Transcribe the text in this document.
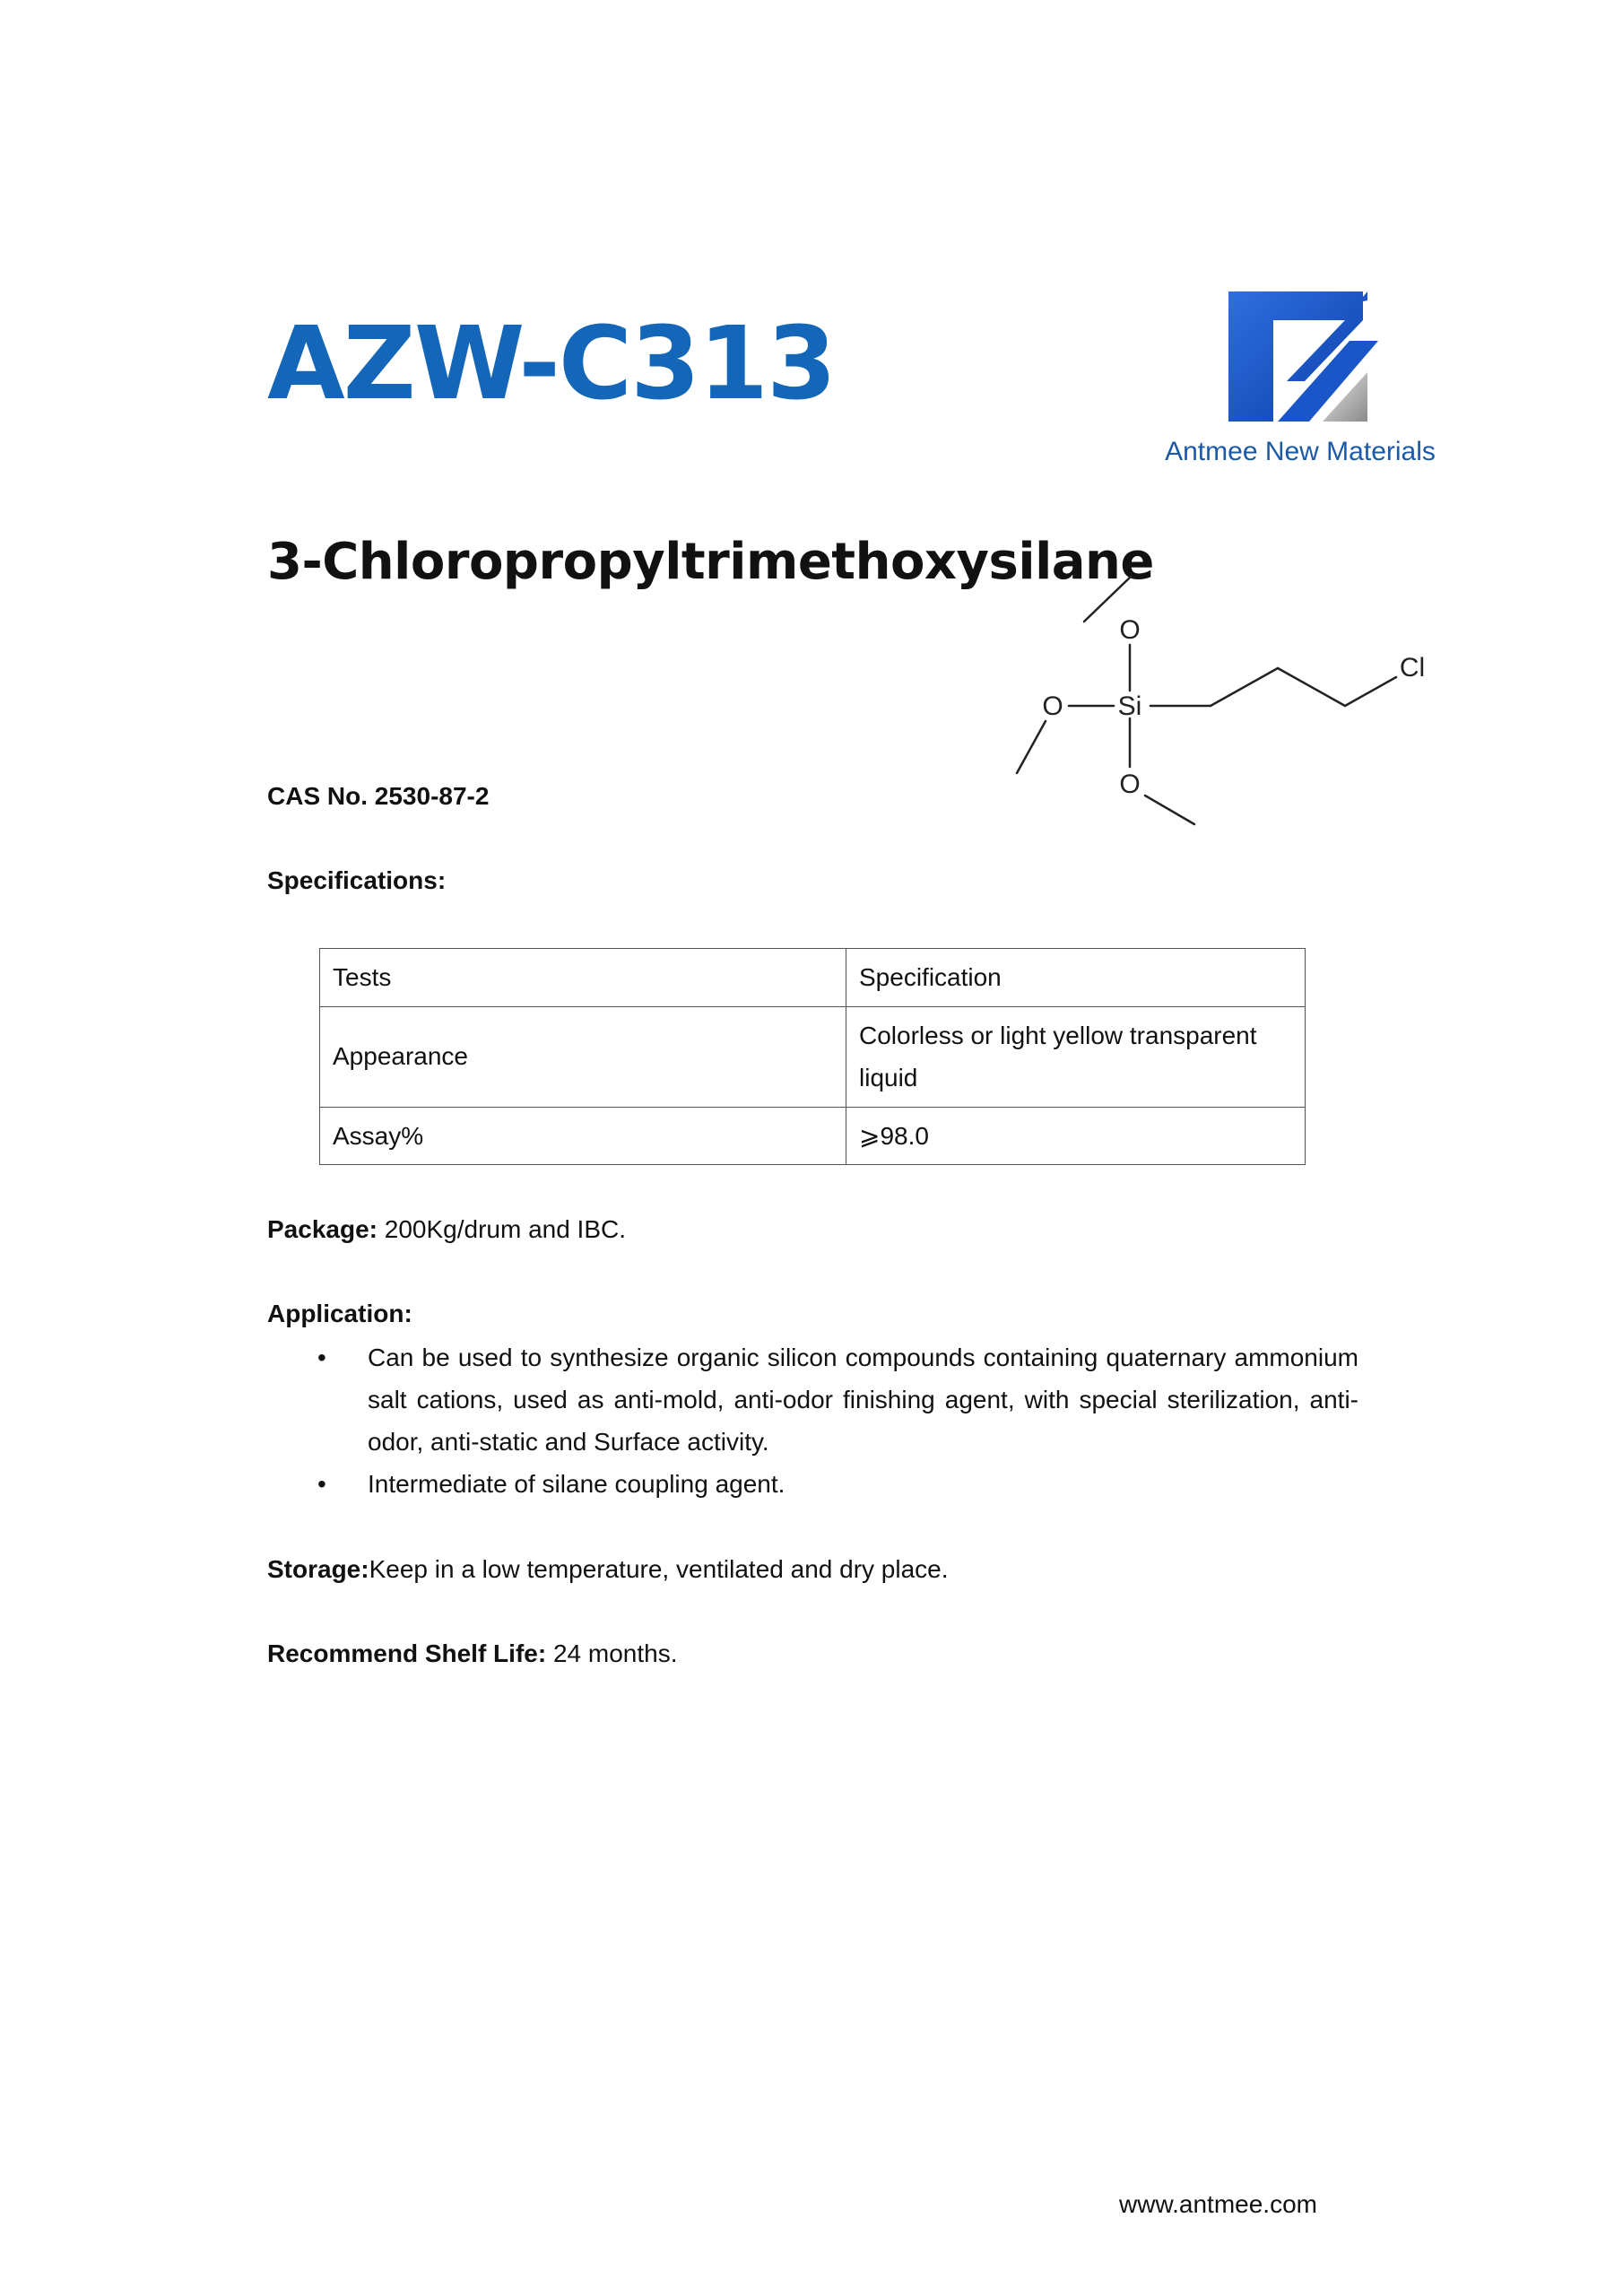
AZW-C313
Antmee New Materials
3-Chloropropyltrimethoxysilane
O
Si
O
O
Cl
CAS No. 2530-87-2
Specifications:
Tests	Specification
Appearance	Colorless or light yellow transparent liquid
Assay%	⩾98.0
Package: 200Kg/drum and IBC.
Application:
• Can be used to synthesize organic silicon compounds containing quaternary ammonium salt cations, used as anti-mold, anti-odor finishing agent, with special sterilization, anti-odor, anti-static and Surface activity.
• Intermediate of silane coupling agent.
Storage:Keep in a low temperature, ventilated and dry place.
Recommend Shelf Life: 24 months.
www.antmee.com
